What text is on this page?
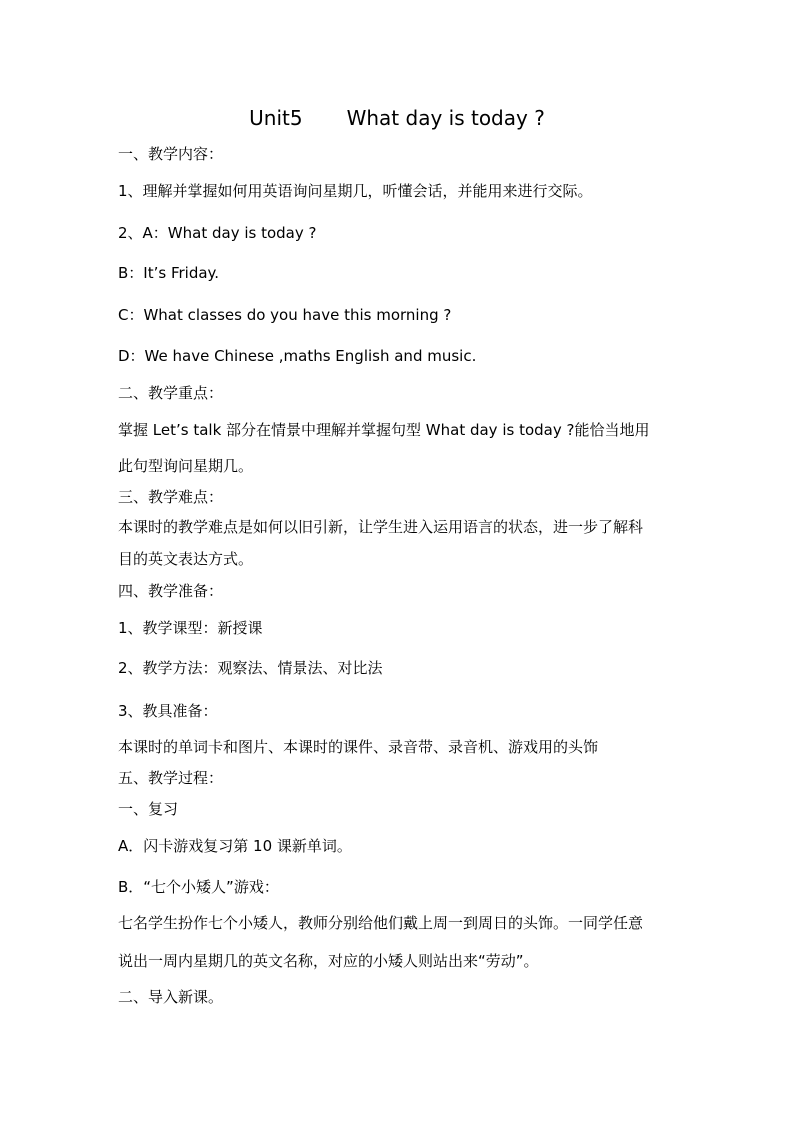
Unit5 What day is today ?
一、教学内容：
1、理解并掌握如何用英语询问星期几，听懂会话，并能用来进行交际。
2、A：What day is today ?
B：It’s Friday.
C：What classes do you have this morning ?
D：We have Chinese ,maths English and music.
二、教学重点：
掌握 Let’s talk 部分在情景中理解并掌握句型 What day is today ?能恰当地用
此句型询问星期几。
三、教学难点：
本课时的教学难点是如何以旧引新，让学生进入运用语言的状态，进一步了解科
目的英文表达方式。
四、教学准备：
1、教学课型：新授课
2、教学方法：观察法、情景法、对比法
3、教具准备：
本课时的单词卡和图片、本课时的课件、录音带、录音机、游戏用的头饰
五、教学过程：
一、复习
A．闪卡游戏复习第 10 课新单词。
B．“七个小矮人”游戏：
七名学生扮作七个小矮人，教师分别给他们戴上周一到周日的头饰。一同学任意
说出一周内星期几的英文名称，对应的小矮人则站出来“劳动”。
二、导入新课。
